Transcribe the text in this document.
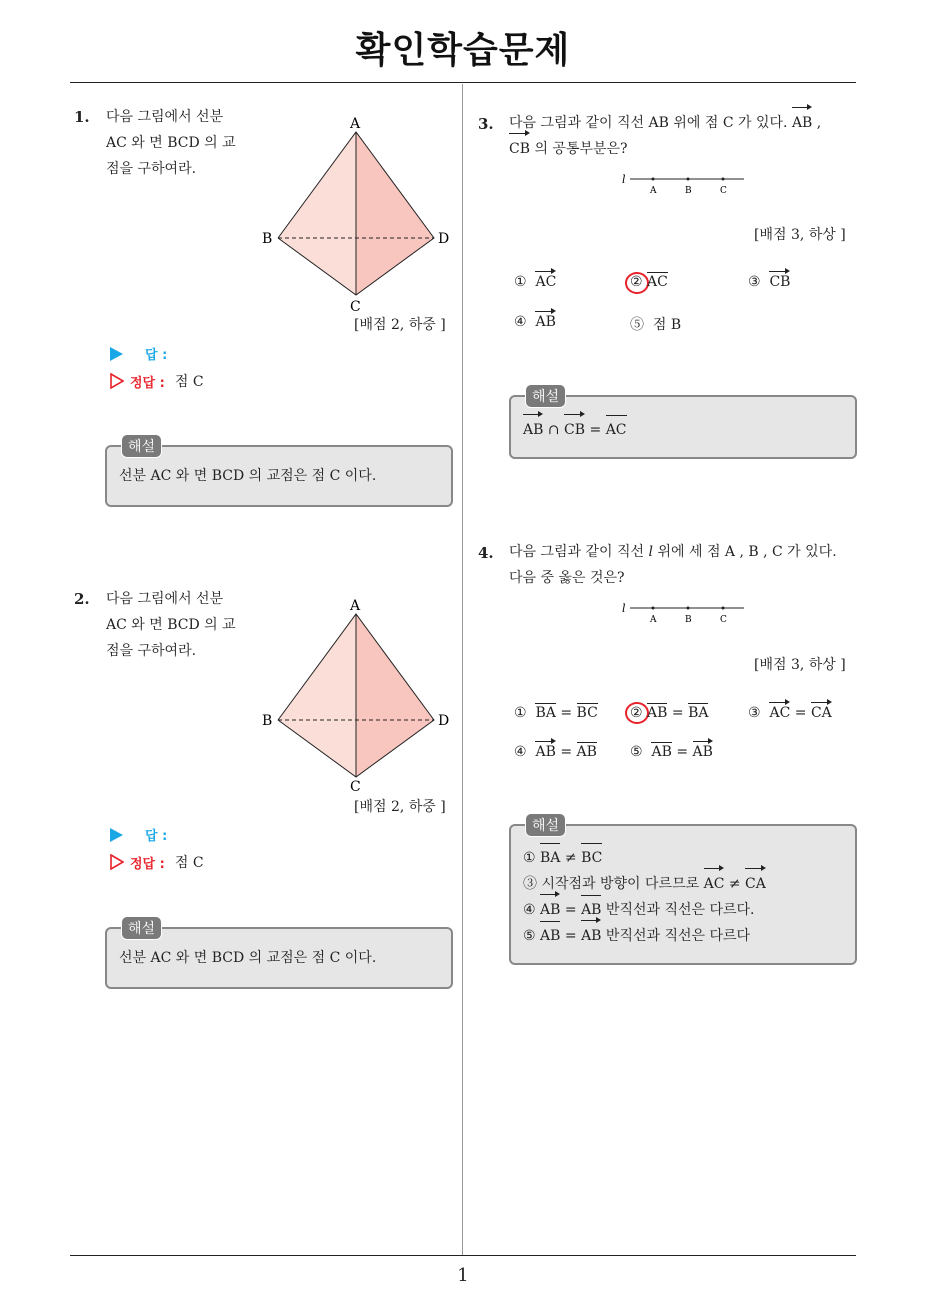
확인학습문제
1
1. 다음 그림에서 선분
AC 와 면 BCD 의 교
점을 구하여라.
A
B
C
D
[배점 2, 하중 ]
답 :
정답 : 점 C
해설
선분 AC 와 면 BCD 의 교점은 점 C 이다.
2. 다음 그림에서 선분
AC 와 면 BCD 의 교
점을 구하여라.
A
B
C
D
[배점 2, 하중 ]
답 :
정답 : 점 C
해설
선분 AC 와 면 BCD 의 교점은 점 C 이다.
3. 다음 그림과 같이 직선 AB 위에 점 C 가 있다. AB ,
CB 의 공통부분은?
l
A	B	C
[배점 3, 하상 ]
① AC	② AC	③ CB
④ AB	⑤ 점 B
해설
AB ∩ CB = AC
4. 다음 그림과 같이 직선 l 위에 세 점 A , B , C 가 있다.
다음 중 옳은 것은?
l
A	B	C
[배점 3, 하상 ]
① BA = BC ② AB = BA	③ AC = CA
④ AB = AB ⑤ AB = AB
해설
① BA ≠ BC
③ 시작점과 방향이 다르므로 AC ≠ CA
④ AB = AB 반직선과 직선은 다르다.
⑤ AB = AB 반직선과 직선은 다르다
